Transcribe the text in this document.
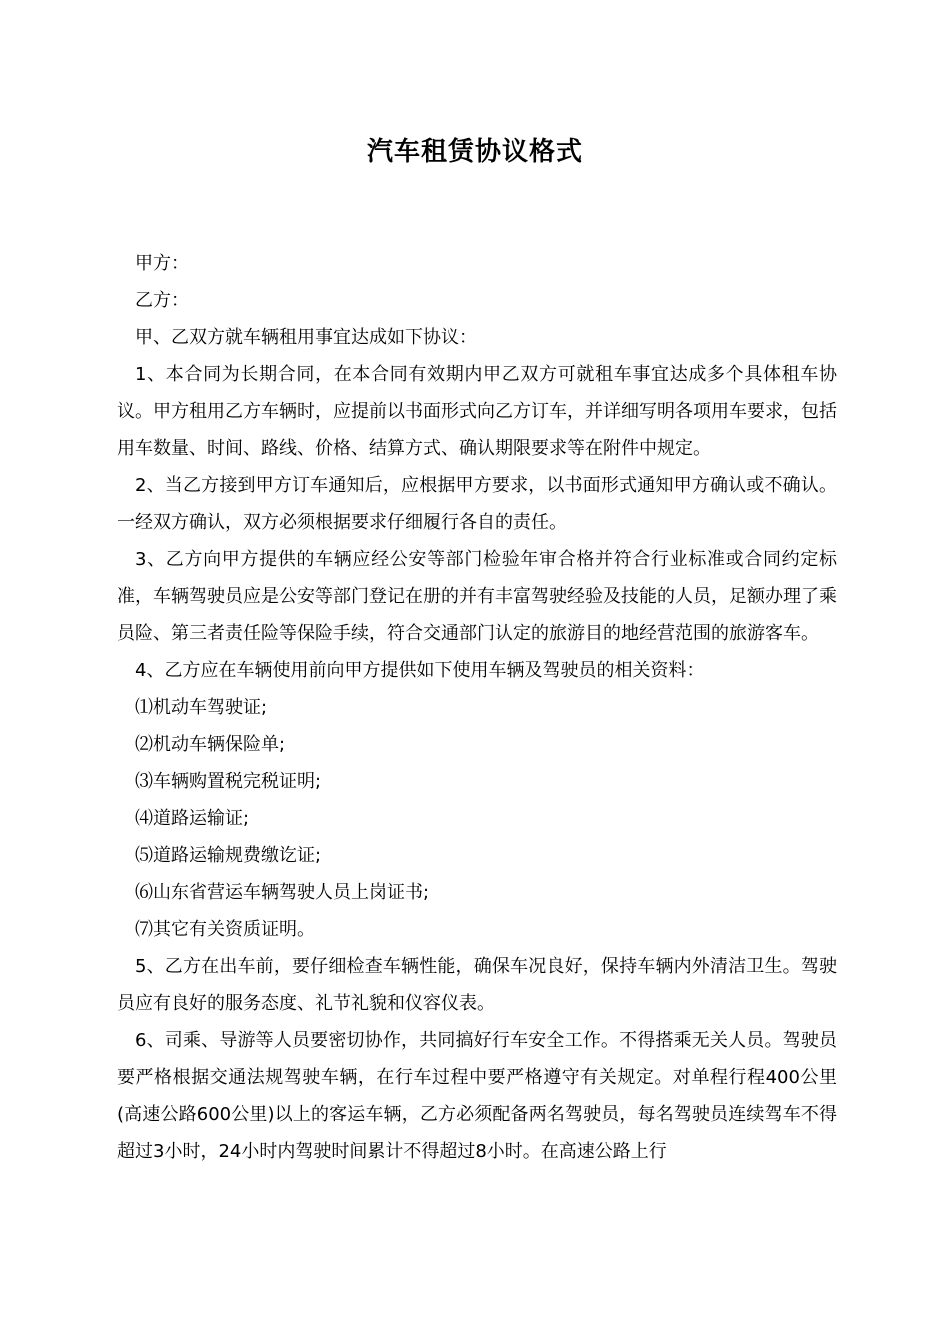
汽车租赁协议格式

甲方：

乙方：

甲、乙双方就车辆租用事宜达成如下协议：

1、本合同为长期合同，在本合同有效期内甲乙双方可就租车事宜达成多个具体租车协议。甲方租用乙方车辆时，应提前以书面形式向乙方订车，并详细写明各项用车要求，包括用车数量、时间、路线、价格、结算方式、确认期限要求等在附件中规定。

2、当乙方接到甲方订车通知后，应根据甲方要求，以书面形式通知甲方确认或不确认。一经双方确认，双方必须根据要求仔细履行各自的责任。

3、乙方向甲方提供的车辆应经公安等部门检验年审合格并符合行业标准或合同约定标准，车辆驾驶员应是公安等部门登记在册的并有丰富驾驶经验及技能的人员，足额办理了乘员险、第三者责任险等保险手续，符合交通部门认定的旅游目的地经营范围的旅游客车。

4、乙方应在车辆使用前向甲方提供如下使用车辆及驾驶员的相关资料：

⑴机动车驾驶证;

⑵机动车辆保险单;

⑶车辆购置税完税证明;

⑷道路运输证;

⑸道路运输规费缴讫证;

⑹山东省营运车辆驾驶人员上岗证书;

⑺其它有关资质证明。

5、乙方在出车前，要仔细检查车辆性能，确保车况良好，保持车辆内外清洁卫生。驾驶员应有良好的服务态度、礼节礼貌和仪容仪表。

6、司乘、导游等人员要密切协作，共同搞好行车安全工作。不得搭乘无关人员。驾驶员要严格根据交通法规驾驶车辆，在行车过程中要严格遵守有关规定。对单程行程400公里(高速公路600公里)以上的客运车辆，乙方必须配备两名驾驶员，每名驾驶员连续驾车不得超过3小时，24小时内驾驶时间累计不得超过8小时。在高速公路上行
